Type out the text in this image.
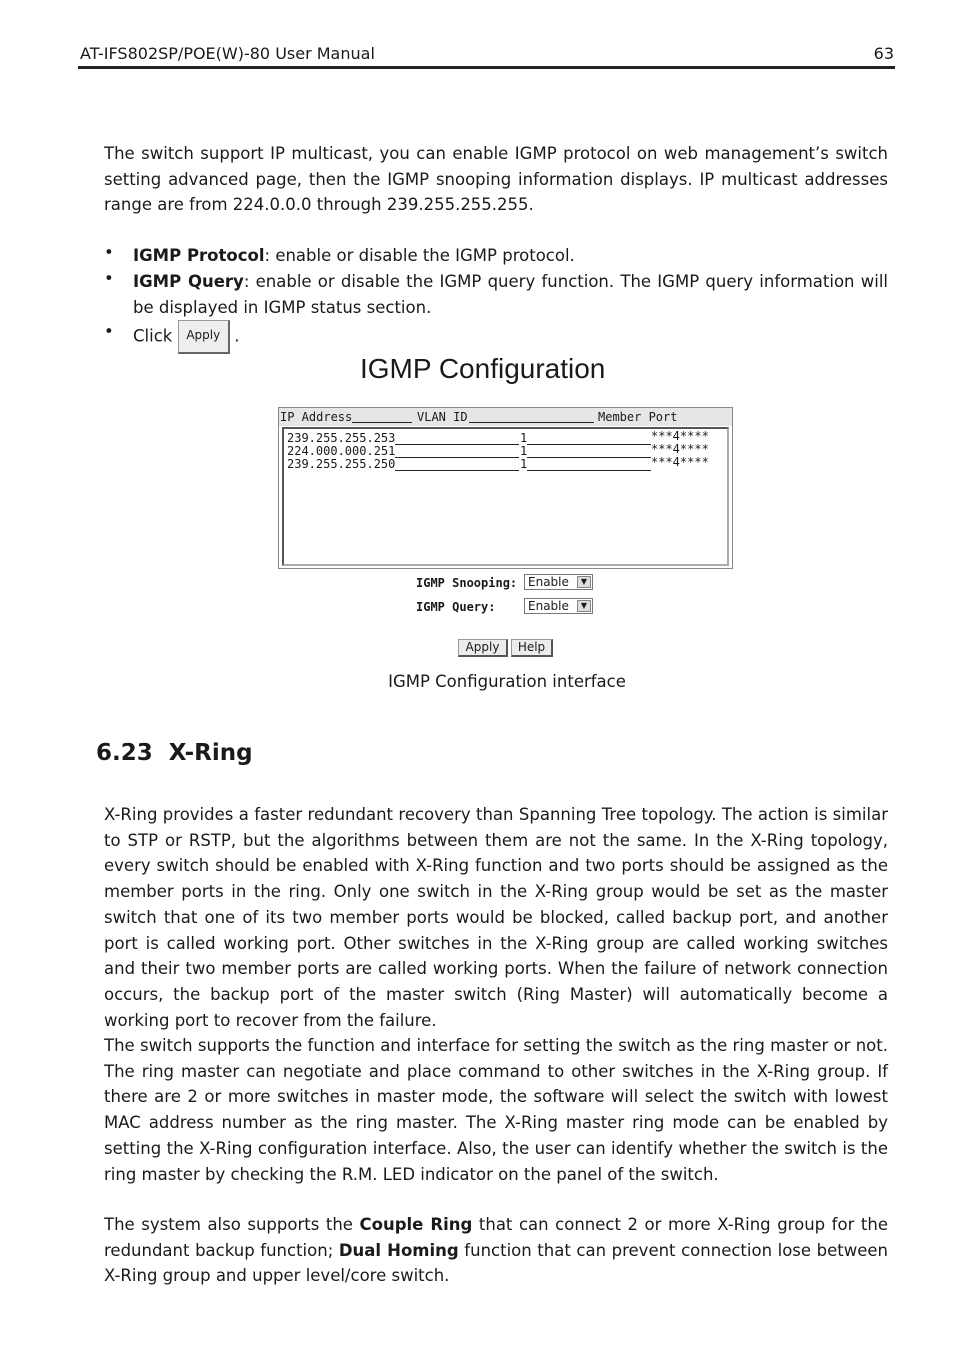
AT-IFS802SP/POE(W)-80 User Manual	63
The switch support IP multicast, you can enable IGMP protocol on web management’s switch setting advanced page, then the IGMP snooping information displays. IP multicast addresses range are from 224.0.0.0 through 239.255.255.255.
• IGMP Protocol: enable or disable the IGMP protocol.
• IGMP Query: enable or disable the IGMP query function. The IGMP query information will be displayed in IGMP status section.
• Click Apply .
IGMP Configuration
IP Address	VLAN ID	Member Port
239.255.255.253	1	***4****
224.000.000.251	1	***4****
239.255.255.250	1	***4****
IGMP Snooping: Enable	▼
IGMP Query:	Enable	▼
Apply	Help
IGMP Configuration interface
6.23 X-Ring
X-Ring provides a faster redundant recovery than Spanning Tree topology. The action is similar to STP or RSTP, but the algorithms between them are not the same. In the X-Ring topology, every switch should be enabled with X-Ring function and two ports should be assigned as the member ports in the ring. Only one switch in the X-Ring group would be set as the master switch that one of its two member ports would be blocked, called backup port, and another port is called working port. Other switches in the X-Ring group are called working switches and their two member ports are called working ports. When the failure of network connection occurs, the backup port of the master switch (Ring Master) will automatically become a working port to recover from the failure.
The switch supports the function and interface for setting the switch as the ring master or not. The ring master can negotiate and place command to other switches in the X-Ring group. If there are 2 or more switches in master mode, the software will select the switch with lowest MAC address number as the ring master. The X-Ring master ring mode can be enabled by setting the X-Ring configuration interface. Also, the user can identify whether the switch is the ring master by checking the R.M. LED indicator on the panel of the switch.
The system also supports the Couple Ring that can connect 2 or more X-Ring group for the redundant backup function; Dual Homing function that can prevent connection lose between X-Ring group and upper level/core switch.
